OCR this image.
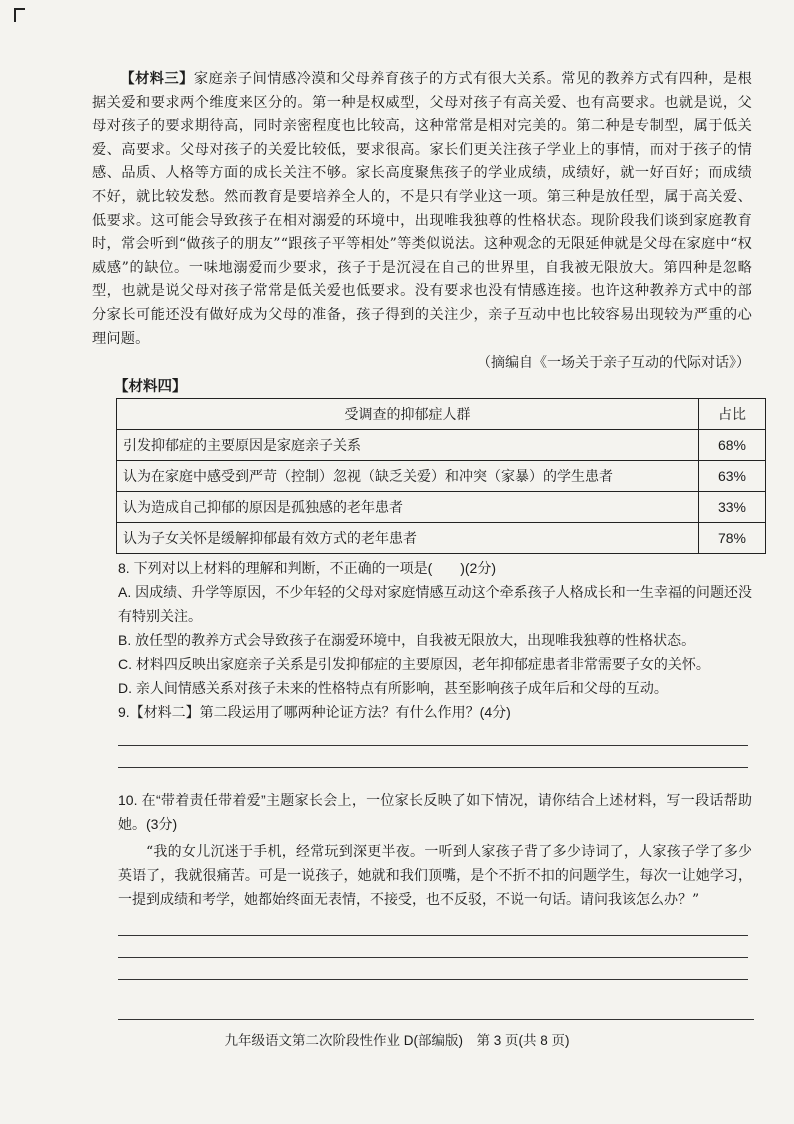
【材料三】家庭亲子间情感冷漠和父母养育孩子的方式有很大关系。常见的教养方式有四种，是根据关爱和要求两个维度来区分的。第一种是权威型，父母对孩子有高关爱、也有高要求。也就是说，父母对孩子的要求期待高，同时亲密程度也比较高，这种常常是相对完美的。第二种是专制型，属于低关爱、高要求。父母对孩子的关爱比较低，要求很高。家长们更关注孩子学业上的事情，而对于孩子的情感、品质、人格等方面的成长关注不够。家长高度聚焦孩子的学业成绩，成绩好，就一好百好；而成绩不好，就比较发愁。然而教育是要培养全人的，不是只有学业这一项。第三种是放任型，属于高关爱、低要求。这可能会导致孩子在相对溺爱的环境中，出现唯我独尊的性格状态。现阶段我们谈到家庭教育时，常会听到“做孩子的朋友”“跟孩子平等相处”等类似说法。这种观念的无限延伸就是父母在家庭中“权威感”的缺位。一味地溺爱而少要求，孩子于是沉浸在自己的世界里，自我被无限放大。第四种是忽略型，也就是说父母对孩子常常是低关爱也低要求。没有要求也没有情感连接。也许这种教养方式中的部分家长可能还没有做好成为父母的准备，孩子得到的关注少，亲子互动中也比较容易出现较为严重的心理问题。

（摘编自《一场关于亲子互动的代际对话》）

【材料四】

受调查的抑郁症人群	占比
引发抑郁症的主要原因是家庭亲子关系	68%
认为在家庭中感受到严苛（控制）忽视（缺乏关爱）和冲突（家暴）的学生患者	63%
认为造成自己抑郁的原因是孤独感的老年患者	33%
认为子女关怀是缓解抑郁最有效方式的老年患者	78%

8. 下列对以上材料的理解和判断，不正确的一项是(　　)(2分)

A. 因成绩、升学等原因，不少年轻的父母对家庭情感互动这个牵系孩子人格成长和一生幸福的问题还没有特别关注。

B. 放任型的教养方式会导致孩子在溺爱环境中，自我被无限放大，出现唯我独尊的性格状态。

C. 材料四反映出家庭亲子关系是引发抑郁症的主要原因，老年抑郁症患者非常需要子女的关怀。

D. 亲人间情感关系对孩子未来的性格特点有所影响，甚至影响孩子成年后和父母的互动。

9.【材料二】第二段运用了哪两种论证方法？有什么作用？(4分)

10. 在“带着责任带着爱”主题家长会上，一位家长反映了如下情况，请你结合上述材料，写一段话帮助她。(3分)

“我的女儿沉迷于手机，经常玩到深更半夜。一听到人家孩子背了多少诗词了，人家孩子学了多少英语了，我就很痛苦。可是一说孩子，她就和我们顶嘴，是个不折不扣的问题学生，每次一让她学习，一提到成绩和考学，她都始终面无表情，不接受，也不反驳，不说一句话。请问我该怎么办？”

九年级语文第二次阶段性作业 D(部编版)　第 3 页(共 8 页)
